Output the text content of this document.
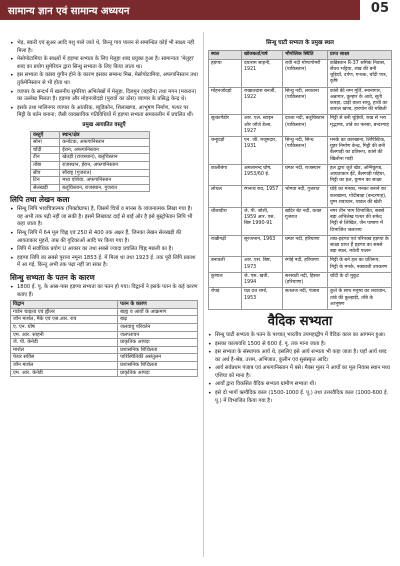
सामान्य ज्ञान एवं सामान्य अध्ययन	05
• भेड़, बकरी एवं सुअर आदि पशु पाले जाते थे, किन्तु गाय पालन से सम्बन्धित कोई भी साक्ष्य नहीं मिला है।
• मेसोपोटामिया के साक्ष्यों में हड़प्पा सभ्यता के लिए मेलुहा शब्द प्रयुक्त हुआ है। सामान्यतः 'मेलुहा' शब्द का प्रयोग सुमेरियन द्वारा सिन्धु सभ्यता के लिए किया जाता था।
• इस सभ्यता के कांस्य युगीन होने के कारण इसका सम्बन्ध मिस्र, मेसोपोटामिया, अफगानिस्तान तथा तुर्कमेनिस्तान से भी होता था।
• व्यापार के सन्दर्भ में खलनीय सुमेरिया अभिलेखों में मेलुहा, दिलमुन (बहरीन) तथा मगन (मकरान) का उल्लेख मिलता है। हड़प्पा और मोहनजोदड़ो (पुरावों का ठोस) व्यापार के प्रसिद्ध केन्द्र थे।
• इसके तथा मालिनगर व्यापार के आंतरिक, ब्यूडिकोन, शिलाखण्ड, आभूषण निर्माण, पत्थर पर मिट्टी के बर्तन बनाना; जैसी व्यवसायिक गतिविधियों में हड़प्पा सभ्यता समकालीन में प्रचलित थीं।
प्रमुख आयातित वस्तुएँ
वस्तुएँ	स्थान/क्षेत्र
सोना	कर्नाटक, अफगानिस्तान
चाँदी	ईरान, अफगानिस्तान
टीन	खेतड़ी (राजस्थान), बलूचिस्तान
ताँबा	राजस्थान, ईरान, अफगानिस्तान
सीप	सौराष्ट्र (गुजरात)
टिन	मध्य एशिया, अफगानिस्तान
सेलखड़ी	बलूचिस्तान, राजस्थान, गुजरात
लिपि तथा लेखन कला
• सिन्धु लिपि भावचित्रात्मक (पिक्टोग्राफ) है, जिसमें चित्रों व मानस के व्यंजनात्मक लिखा गया है। यह अभी तक पढ़ी नहीं जा सकी है। इसमें लिखावट दाईं से बाईं ओर है इसे बूस्ट्रोफेडन लिपि भी कहा जाता है।
• सिन्धु लिपि में 64 मूल चिह्न एवं 250 से 400 तक अक्षर हैं, जिनका लेखन सेलखड़ी की आयताकार मुहरों, ताम्र की गुटिकाओं आदि पर किया गया है।
• लिपि में सर्वाधिक प्रयोग U आकार का तथा सबसे ज्यादा प्रचलित चिह्न मछली का है।
• हड़प्पा लिपि का सबसे पुराना नमूना 1853 ई. में मिला था तथा 1923 ई. तक पूरी लिपि प्रकाश में आ गई, किन्तु अभी तक पढ़ा नहीं जा सका है।
सिन्धु सभ्यता के पतन के कारण
• 1800 ई. पू. के आस-पास हड़प्पा सभ्यता का पतन हो गया। विद्वानों ने इसके पतन के कई कारण बताए हैं।
विद्वान	पतन के कारण
गार्डन चाइल्ड एवं ह्वीलर	बाह्य व आर्यों के आक्रमण
जॉन मार्शल, मैके एवं एस.आर. राव	बाढ़
ए. एन. घोष	जलवायु परिवर्तन
एम. आर. साहनी	जलप्लावन
जे. पी. केनेडी	प्राकृतिक आपदा
मार्शल	प्रशासनिक शिथिलता
फेयर सर्विस	पारिस्थितिकी असंतुलन
जॉन मार्शल	प्रशासनिक शिथिलता
एम. आर. केनेडी	प्राकृतिक आपदा
सिन्धु घाटी सभ्यता के प्रमुख स्थल
स्थल	खोजकर्ता/वर्ष	भौगोलिक स्थिति	प्राप्त साक्ष्य
हड़प्पा	दयाराम साहनी, 1921	रावी नदी मोण्टगोमरी (पाकिस्तान)	कब्रिस्तान R-37 श्रमिक निवास, सेंधव भट्टिया, शंख की बनी चूड़ियाँ, दर्पण, गन्धक, चाँदी पात्र, कृषि
मोहनजोदड़ो	राखालदास बनर्जी, 1922	सिन्धु नदी, लरकाना (पाकिस्तान)	कांसे की नग्न मूर्ति, स्नानागार, अन्नागार, कुम्हार के आवे, सूती कपड़ा, दाढ़ी वाला साधु, हाथी का कपाल खण्ड, हारपोन की मछिली
सुत्कागेंडोर	आर. एल. स्टाइन और जॉर्ज डेल्स, 1927	दाश्क नदी, बलूचिस्तान (पाकिस्तान)	मिट्टी से बनी चूड़ियाँ, राख से भरा मृद्भाण्ड, तांबे का फरसा, बन्दरगाह
चन्हूदड़ो	एन. जी. मजूमदार, 1931	सिन्धु नदी, सिन्ध (पाकिस्तान)	मनके का कारखाना, लिपिस्टिक, मुहर निर्माण केन्द्र, मिट्टी की बनी बैलगाड़ी का प्रतिरूप, कांसे की खिलौना गाड़ी
कालीबंगा	अमलानन्द घोष, 1953/60 ई.	घग्घर नदी, राजस्थान	हल द्वारा जुते खेत, अग्निकुण्ड, आयताकार ईंटें, बैलगाड़ी पहिया, मिट्टी का हल, युग्मन का साक्ष्य
लोथल	रंगनाथ राव, 1957	भोगवा नदी, गुजरात	घोड़े का मनका, मनका बनाने का कारखाना, गोदीबाड़ा (बन्दरगाह), युग्म शवाधान, चावल की खेती
धौलावीरा	जे. पी. जोशी, 1959 आर. एस. बिष्ट 1990-91	खदिर बेट नदी, कच्छ गुजरात	नगर तीन भाग विभाजित, सबसे बड़ा अभिलेख पत्थर की सफेद मिट्टी से लिखित, जैन पाषाण में विभाजित जलाशय
राखीगढ़ी	सूरजभान, 1963	घग्घर नदी, हरियाणा	ताम्र-हड़प्पा एवं परिपक्व हड़प्पा के साक्ष्य प्राप्त हैं हड़प्पा का सबसे बड़ा स्थल, मवेशी पालन
बनावली	आर. एस. बिष्ट, 1973	रंगोई नदी, हरियाणा	मिट्टी के बने हल का प्रतिरूप, मिट्टी के मनके, नक्काशी उपकरण
कुणाल	जे. एस. खत्री, 1994	सरस्वती नदी, हिसार (हरियाणा)	चाँदी के दो मुकुट
रोपड़	यज्ञ दत्त शर्मा, 1953	सतलज नदी, पंजाब	कुत्ते के साथ मनुष्य का शवाधान, तांबे की कुल्हाड़ी, ताँबे के आभूषण
वैदिक सभ्यता
• सिन्धु घाटी सभ्यता के पतन के पश्चात् भारतीय उपमहाद्वीप में वैदिक काल का आगमन हुआ।
• इसका कालावधि 1500 से 600 ई. पू. तक माना जाता है।
• इस सभ्यता के संस्थापक आर्य थे, इसलिए इसे आर्य सभ्यता भी कहा जाता है। यहाँ आर्य शब्द का अर्थ है-श्रेष्ठ, उत्तम, अभिजात, कुलीन एवं सुसंस्कृत आदि।
• आर्य सर्वप्रथम पंजाब एवं अफगानिस्तान में बसे। मैक्स मूलर ने आर्यों का मूल निवास स्थान मध्य एशिया को माना है।
• आर्यों द्वारा विकसित वैदिक सभ्यता ग्रामीण सभ्यता थी।
• इसे दो भागों ऋग्वैदिक काल (1500-1000 ई. पू.) तथा उत्तरवैदिक काल (1000-600 ई. पू.) में विभाजित किया गया है।
